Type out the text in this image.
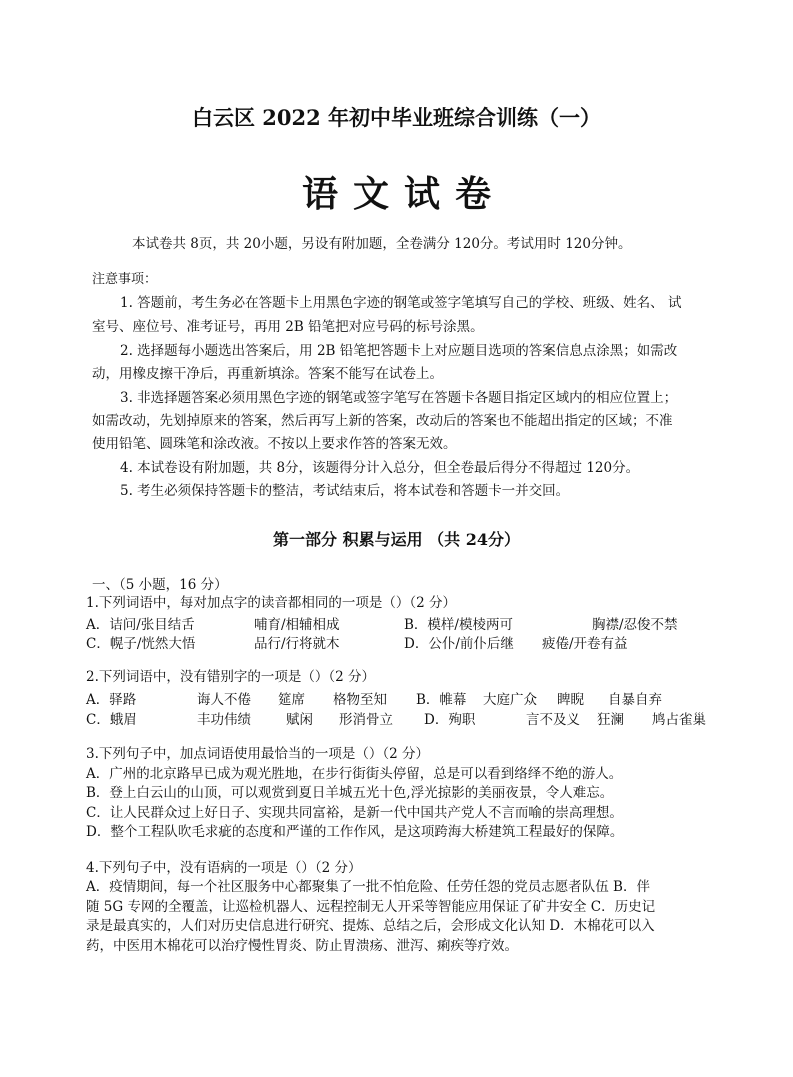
白云区 2022 年初中毕业班综合训练（一）
语文试卷
本试卷共 8页，共 20小题，另设有附加题，全卷满分 120分。考试用时 120分钟。
注意事项：
1. 答题前，考生务必在答题卡上用黑色字迹的钢笔或签字笔填写自己的学校、班级、姓名、 试
室号、座位号、准考证号，再用 2B 铅笔把对应号码的标号涂黑。
2. 选择题每小题选出答案后，用 2B 铅笔把答题卡上对应题目选项的答案信息点涂黑；如需改
动，用橡皮擦干净后，再重新填涂。答案不能写在试卷上。
3. 非选择题答案必须用黑色字迹的钢笔或签字笔写在答题卡各题目指定区域内的相应位置上；
如需改动，先划掉原来的答案，然后再写上新的答案，改动后的答案也不能超出指定的区域；不准
使用铅笔、圆珠笔和涂改液。不按以上要求作答的答案无效。
4. 本试卷设有附加题，共 8分，该题得分计入总分，但全卷最后得分不得超过 120分。
5. 考生必须保持答题卡的整洁，考试结束后，将本试卷和答题卡一并交回。
第一部分 积累与运用 （共 24分）
一、（5 小题，16 分）
1.下列词语中，每对加点字的读音都相同的一项是（）（2 分）
A．诘问/张目结舌	哺育/相辅相成	B．模样/模棱两可	胸襟/忍俊不禁
C．幌子/恍然大悟	品行/行将就木	D．公仆/前仆后继 疲倦/开卷有益
2.下列词语中，没有错别字的一项是（）（2 分）
A．驿路	诲人不倦 筵席 格物至知 B．帷幕 大庭广众 睥睨 自暴自弃
C．蛾眉	丰功伟绩	赋闲 形消骨立 D．殉职	言不及义 狂澜 鸠占雀巢
3.下列句子中，加点词语使用最恰当的一项是（）（2 分）
A．广州的北京路早已成为观光胜地，在步行街街头停留，总是可以看到络绎不绝的游人。
B．登上白云山的山顶，可以观赏到夏日羊城五光十色,浮光掠影的美丽夜景，令人难忘。
C．让人民群众过上好日子、实现共同富裕，是新一代中国共产党人不言而喻的崇高理想。
D．整个工程队吹毛求疵的态度和严谨的工作作风，是这项跨海大桥建筑工程最好的保障。
4.下列句子中，没有语病的一项是（）（2 分）
A．疫情期间，每一个社区服务中心都聚集了一批不怕危险、任劳任怨的党员志愿者队伍 B．伴
随 5G 专网的全覆盖，让巡检机器人、远程控制无人开采等智能应用保证了矿井安全 C．历史记
录是最真实的，人们对历史信息进行研究、提炼、总结之后，会形成文化认知 D．木棉花可以入
药，中医用木棉花可以治疗慢性胃炎、防止胃溃疡、泄泻、痢疾等疗效。
